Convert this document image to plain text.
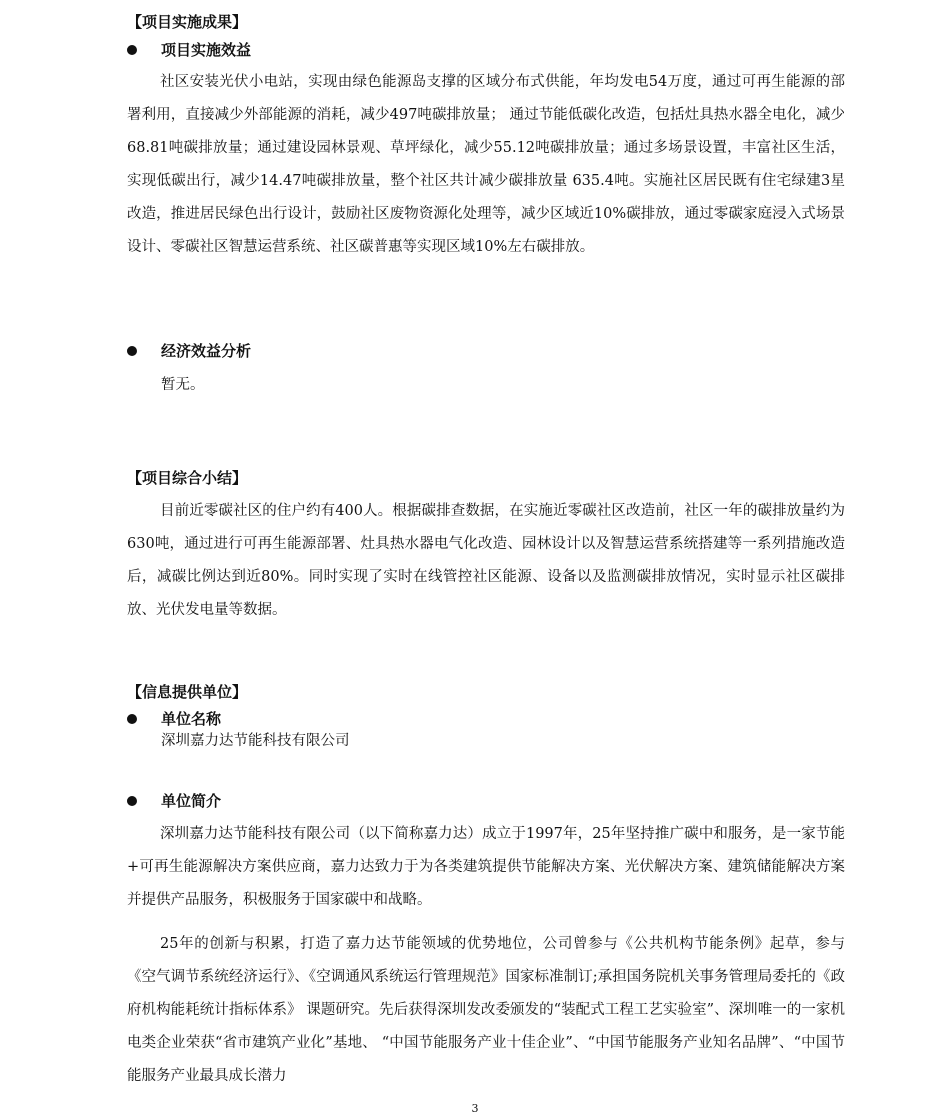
【项目实施成果】
项目实施效益

社区安装光伏小电站，实现由绿色能源岛支撑的区域分布式供能，年均发电54万度，通过可再生能源的部署利用，直接减少外部能源的消耗，减少497吨碳排放量； 通过节能低碳化改造，包括灶具热水器全电化，减少68.81吨碳排放量；通过建设园林景观、草坪绿化，减少55.12吨碳排放量；通过多场景设置，丰富社区生活，实现低碳出行，减少14.47吨碳排放量，整个社区共计减少碳排放量 635.4吨。实施社区居民既有住宅绿建3星改造，推进居民绿色出行设计，鼓励社区废物资源化处理等，减少区域近10%碳排放，通过零碳家庭浸入式场景设计、零碳社区智慧运营系统、社区碳普惠等实现区域10%左右碳排放。

经济效益分析

暂无。

【项目综合小结】

目前近零碳社区的住户约有400人。根据碳排查数据，在实施近零碳社区改造前，社区一年的碳排放量约为630吨，通过进行可再生能源部署、灶具热水器电气化改造、园林设计以及智慧运营系统搭建等一系列措施改造后，减碳比例达到近80%。同时实现了实时在线管控社区能源、设备以及监测碳排放情况，实时显示社区碳排放、光伏发电量等数据。

【信息提供单位】
单位名称

深圳嘉力达节能科技有限公司

单位简介

深圳嘉力达节能科技有限公司（以下简称嘉力达）成立于1997年，25年坚持推广碳中和服务，是一家节能+可再生能源解决方案供应商，嘉力达致力于为各类建筑提供节能解决方案、光伏解决方案、建筑储能解决方案并提供产品服务，积极服务于国家碳中和战略。

25年的创新与积累，打造了嘉力达节能领域的优势地位，公司曾参与《公共机构节能条例》起草，参与《空气调节系统经济运行》、《空调通风系统运行管理规范》国家标准制订;承担国务院机关事务管理局委托的《政府机构能耗统计指标体系》 课题研究。先后获得深圳发改委颁发的“装配式工程工艺实验室”、深圳唯一的一家机电类企业荣获“省市建筑产业化”基地、 “中国节能服务产业十佳企业”、“中国节能服务产业知名品牌”、“中国节能服务产业最具成长潜力

3
